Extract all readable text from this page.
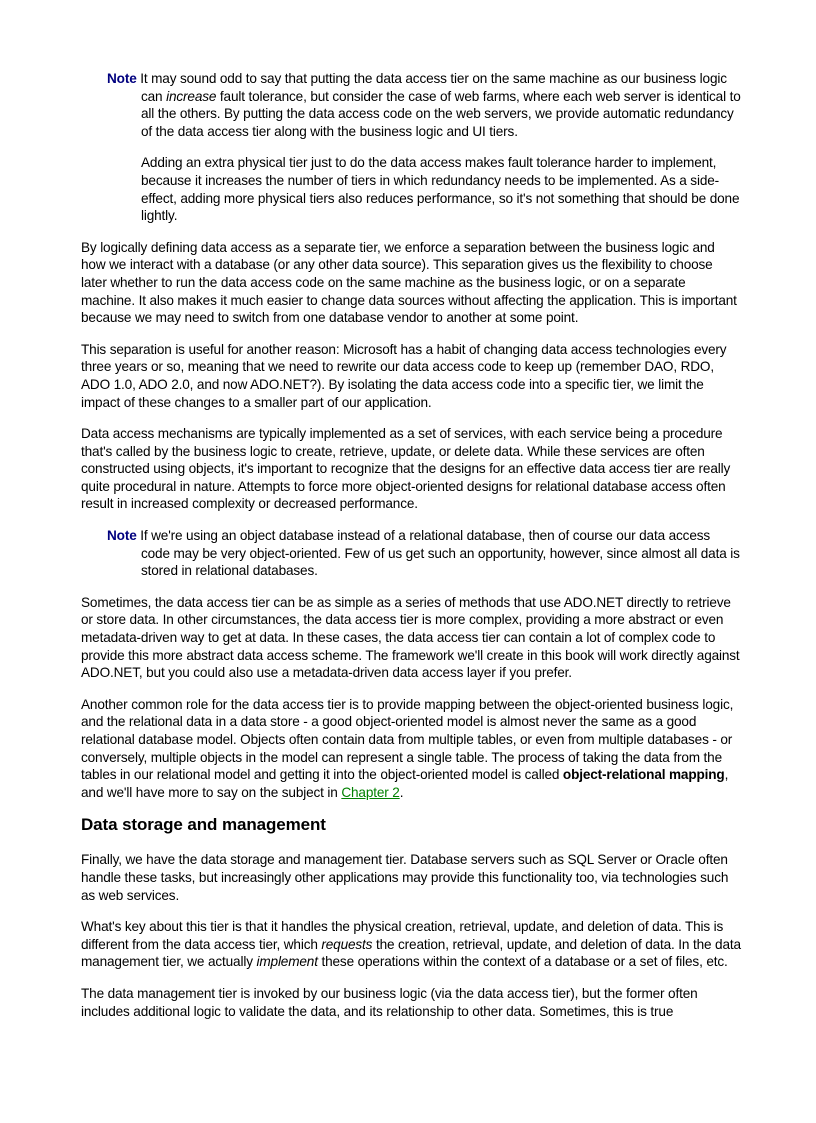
Note It may sound odd to say that putting the data access tier on the same machine as our business logic can increase fault tolerance, but consider the case of web farms, where each web server is identical to all the others. By putting the data access code on the web servers, we provide automatic redundancy of the data access tier along with the business logic and UI tiers.

Adding an extra physical tier just to do the data access makes fault tolerance harder to implement, because it increases the number of tiers in which redundancy needs to be implemented. As a side-effect, adding more physical tiers also reduces performance, so it's not something that should be done lightly.

By logically defining data access as a separate tier, we enforce a separation between the business logic and how we interact with a database (or any other data source). This separation gives us the flexibility to choose later whether to run the data access code on the same machine as the business logic, or on a separate machine. It also makes it much easier to change data sources without affecting the application. This is important because we may need to switch from one database vendor to another at some point.

This separation is useful for another reason: Microsoft has a habit of changing data access technologies every three years or so, meaning that we need to rewrite our data access code to keep up (remember DAO, RDO, ADO 1.0, ADO 2.0, and now ADO.NET?). By isolating the data access code into a specific tier, we limit the impact of these changes to a smaller part of our application.

Data access mechanisms are typically implemented as a set of services, with each service being a procedure that's called by the business logic to create, retrieve, update, or delete data. While these services are often constructed using objects, it's important to recognize that the designs for an effective data access tier are really quite procedural in nature. Attempts to force more object-oriented designs for relational database access often result in increased complexity or decreased performance.

Note If we're using an object database instead of a relational database, then of course our data access code may be very object-oriented. Few of us get such an opportunity, however, since almost all data is stored in relational databases.

Sometimes, the data access tier can be as simple as a series of methods that use ADO.NET directly to retrieve or store data. In other circumstances, the data access tier is more complex, providing a more abstract or even metadata-driven way to get at data. In these cases, the data access tier can contain a lot of complex code to provide this more abstract data access scheme. The framework we'll create in this book will work directly against ADO.NET, but you could also use a metadata-driven data access layer if you prefer.

Another common role for the data access tier is to provide mapping between the object-oriented business logic, and the relational data in a data store - a good object-oriented model is almost never the same as a good relational database model. Objects often contain data from multiple tables, or even from multiple databases - or conversely, multiple objects in the model can represent a single table. The process of taking the data from the tables in our relational model and getting it into the object-oriented model is called object-relational mapping, and we'll have more to say on the subject in Chapter 2.

Data storage and management

Finally, we have the data storage and management tier. Database servers such as SQL Server or Oracle often handle these tasks, but increasingly other applications may provide this functionality too, via technologies such as web services.

What's key about this tier is that it handles the physical creation, retrieval, update, and deletion of data. This is different from the data access tier, which requests the creation, retrieval, update, and deletion of data. In the data management tier, we actually implement these operations within the context of a database or a set of files, etc.

The data management tier is invoked by our business logic (via the data access tier), but the former often includes additional logic to validate the data, and its relationship to other data. Sometimes, this is true
